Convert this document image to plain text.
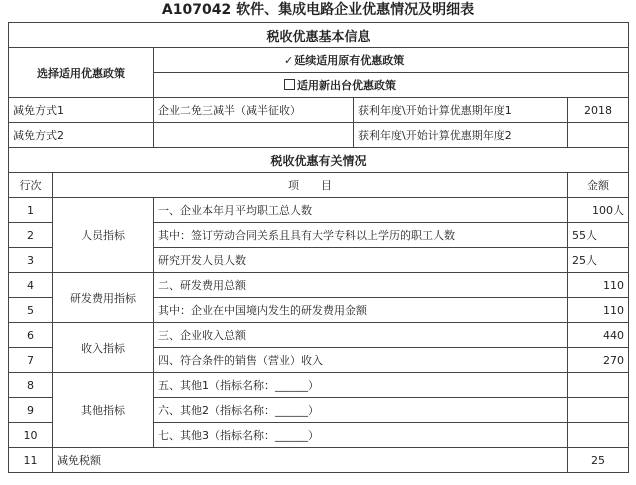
A107042 软件、集成电路企业优惠情况及明细表
税收优惠基本信息				
选择适用优惠政策		✓延续适用原有优惠政策		
		适用新出台优惠政策		
减免方式1		企业二免三减半（减半征收）	获利年度\开始计算优惠期年度1	2018
减免方式2			获利年度\开始计算优惠期年度2	
税收优惠有关情况				
行次	项　　目			金额
1	人员指标	一、企业本年月平均职工总人数		100人
2		其中：签订劳动合同关系且具有大学专科以上学历的职工人数		55人
3		研究开发人员人数		25人
4	研发费用指标	二、研发费用总额		110
5		其中：企业在中国境内发生的研发费用金额		110
6	收入指标	三、企业收入总额		440
7		四、符合条件的销售（营业）收入		270
8	其他指标	五、其他1（指标名称：______）		
9		六、其他2（指标名称：______）		
10		七、其他3（指标名称：______）		
11	减免税额			25
